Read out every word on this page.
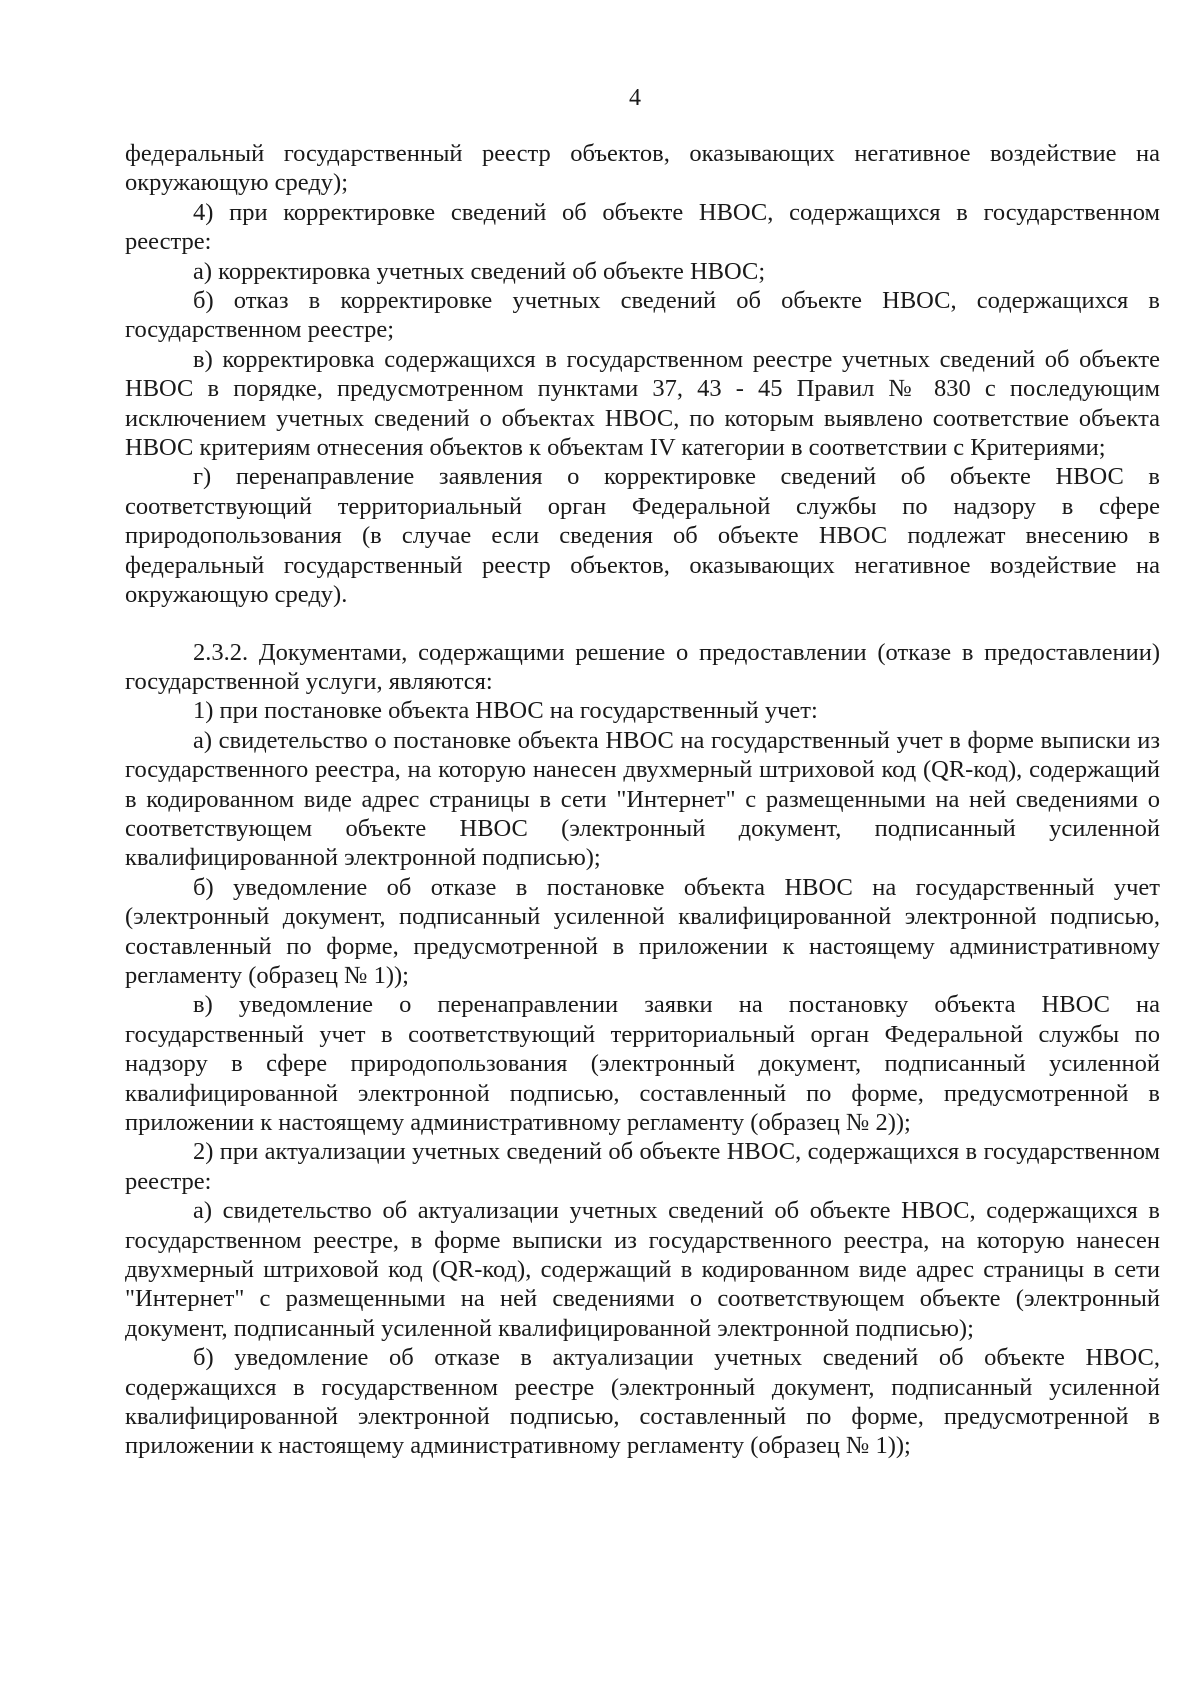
4

федеральный государственный реестр объектов, оказывающих негативное воздействие на окружающую среду);

4) при корректировке сведений об объекте НВОС, содержащихся в государственном реестре:

а) корректировка учетных сведений об объекте НВОС;

б) отказ в корректировке учетных сведений об объекте НВОС, содержащихся в государственном реестре;

в) корректировка содержащихся в государственном реестре учетных сведений об объекте НВОС в порядке, предусмотренном пунктами 37, 43 - 45 Правил № 830 с последующим исключением учетных сведений о объектах НВОС, по которым выявлено соответствие объекта НВОС критериям отнесения объектов к объектам IV категории в соответствии с Критериями;

г) перенаправление заявления о корректировке сведений об объекте НВОС в соответствующий территориальный орган Федеральной службы по надзору в сфере природопользования (в случае если сведения об объекте НВОС подлежат внесению в федеральный государственный реестр объектов, оказывающих негативное воздействие на окружающую среду).

2.3.2. Документами, содержащими решение о предоставлении (отказе в предоставлении) государственной услуги, являются:

1) при постановке объекта НВОС на государственный учет:

а) свидетельство о постановке объекта НВОС на государственный учет в форме выписки из государственного реестра, на которую нанесен двухмерный штриховой код (QR-код), содержащий в кодированном виде адрес страницы в сети "Интернет" с размещенными на ней сведениями о соответствующем объекте НВОС (электронный документ, подписанный усиленной квалифицированной электронной подписью);

б) уведомление об отказе в постановке объекта НВОС на государственный учет (электронный документ, подписанный усиленной квалифицированной электронной подписью, составленный по форме, предусмотренной в приложении к настоящему административному регламенту (образец № 1));

в) уведомление о перенаправлении заявки на постановку объекта НВОС на государственный учет в соответствующий территориальный орган Федеральной службы по надзору в сфере природопользования (электронный документ, подписанный усиленной квалифицированной электронной подписью, составленный по форме, предусмотренной в приложении к настоящему административному регламенту (образец № 2));

2) при актуализации учетных сведений об объекте НВОС, содержащихся в государственном реестре:

а) свидетельство об актуализации учетных сведений об объекте НВОС, содержащихся в государственном реестре, в форме выписки из государственного реестра, на которую нанесен двухмерный штриховой код (QR-код), содержащий в кодированном виде адрес страницы в сети "Интернет" с размещенными на ней сведениями о соответствующем объекте (электронный документ, подписанный усиленной квалифицированной электронной подписью);

б) уведомление об отказе в актуализации учетных сведений об объекте НВОС, содержащихся в государственном реестре (электронный документ, подписанный усиленной квалифицированной электронной подписью, составленный по форме, предусмотренной в приложении к настоящему административному регламенту (образец № 1));
